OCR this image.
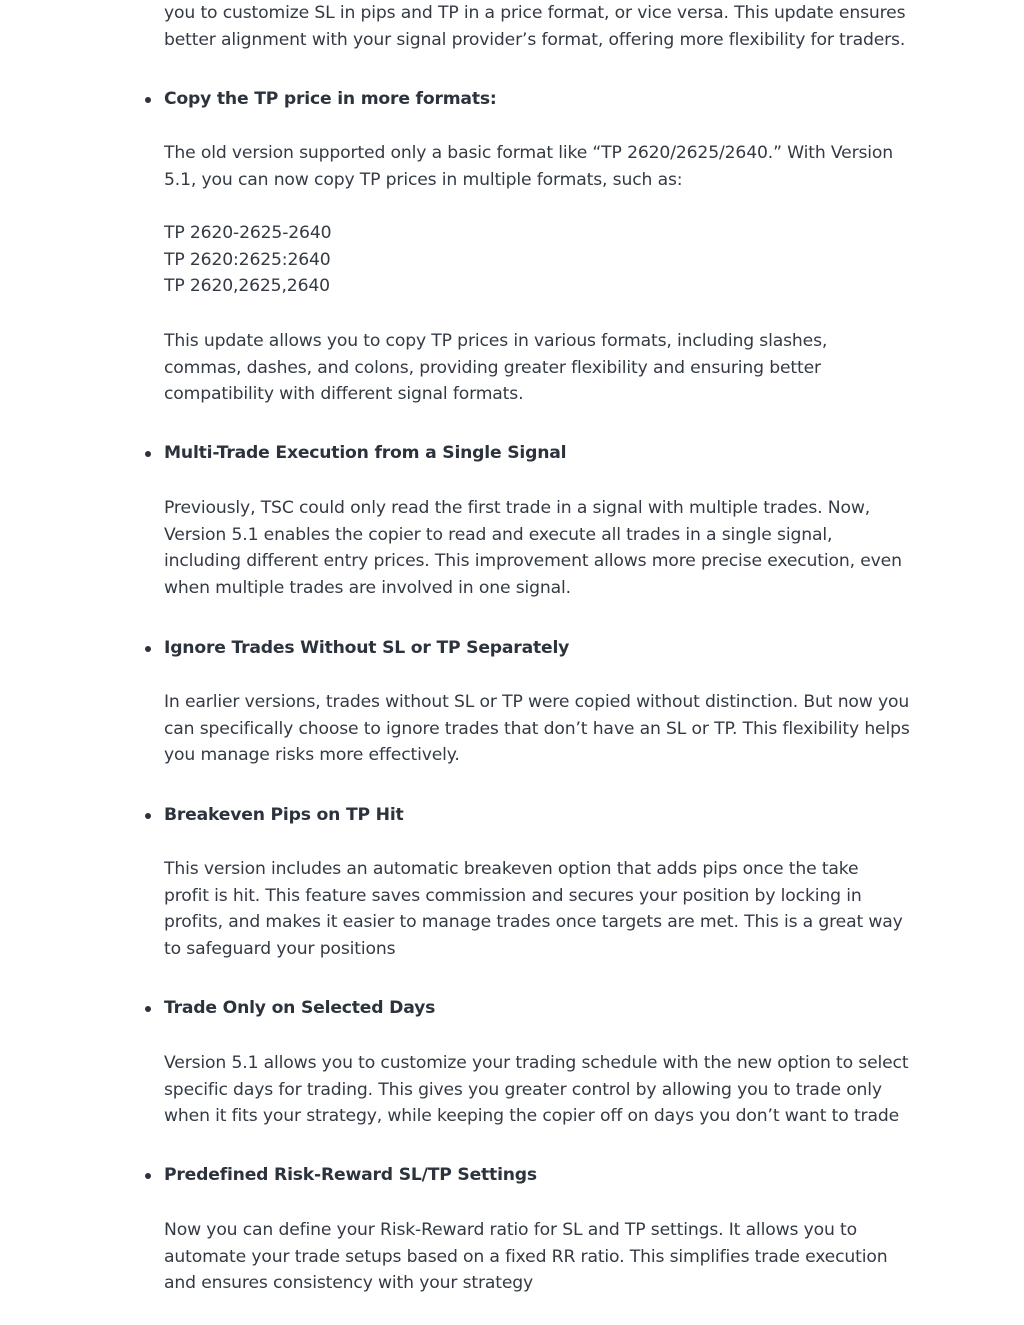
you to customize SL in pips and TP in a price format, or vice versa. This update ensures
better alignment with your signal provider’s format, offering more flexibility for traders.

Copy the TP price in more formats:

The old version supported only a basic format like “TP 2620/2625/2640.” With Version
5.1, you can now copy TP prices in multiple formats, such as:

TP 2620-2625-2640
TP 2620:2625:2640
TP 2620,2625,2640

This update allows you to copy TP prices in various formats, including slashes,
commas, dashes, and colons, providing greater flexibility and ensuring better
compatibility with different signal formats.

Multi-Trade Execution from a Single Signal

Previously, TSC could only read the first trade in a signal with multiple trades. Now,
Version 5.1 enables the copier to read and execute all trades in a single signal,
including different entry prices. This improvement allows more precise execution, even
when multiple trades are involved in one signal.

Ignore Trades Without SL or TP Separately

In earlier versions, trades without SL or TP were copied without distinction. But now you
can specifically choose to ignore trades that don’t have an SL or TP. This flexibility helps
you manage risks more effectively.

Breakeven Pips on TP Hit

This version includes an automatic breakeven option that adds pips once the take
profit is hit. This feature saves commission and secures your position by locking in
profits, and makes it easier to manage trades once targets are met. This is a great way
to safeguard your positions

Trade Only on Selected Days

Version 5.1 allows you to customize your trading schedule with the new option to select
specific days for trading. This gives you greater control by allowing you to trade only
when it fits your strategy, while keeping the copier off on days you don’t want to trade

Predefined Risk-Reward SL/TP Settings

Now you can define your Risk-Reward ratio for SL and TP settings. It allows you to
automate your trade setups based on a fixed RR ratio. This simplifies trade execution
and ensures consistency with your strategy
